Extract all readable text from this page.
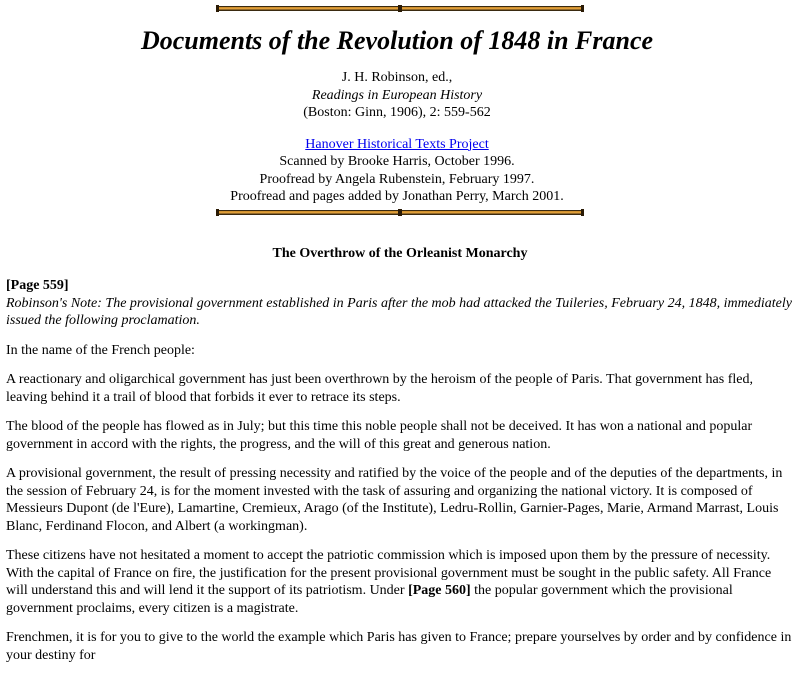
Documents of the Revolution of 1848 in France
J. H. Robinson, ed.,
Readings in European History
(Boston: Ginn, 1906), 2: 559-562
Hanover Historical Texts Project
Scanned by Brooke Harris, October 1996.
Proofread by Angela Rubenstein, February 1997.
Proofread and pages added by Jonathan Perry, March 2001.
The Overthrow of the Orleanist Monarchy
[Page 559]

Robinson's Note: The provisional government established in Paris after the mob had attacked the Tuileries, February 24, 1848, immediately issued the following proclamation.

In the name of the French people:

A reactionary and oligarchical government has just been overthrown by the heroism of the people of Paris. That government has fled, leaving behind it a trail of blood that forbids it ever to retrace its steps.

The blood of the people has flowed as in July; but this time this noble people shall not be deceived. It has won a national and popular government in accord with the rights, the progress, and the will of this great and generous nation.

A provisional government, the result of pressing necessity and ratified by the voice of the people and of the deputies of the departments, in the session of February 24, is for the moment invested with the task of assuring and organizing the national victory. It is composed of Messieurs Dupont (de l'Eure), Lamartine, Cremieux, Arago (of the Institute), Ledru-Rollin, Garnier-Pages, Marie, Armand Marrast, Louis Blanc, Ferdinand Flocon, and Albert (a workingman).

These citizens have not hesitated a moment to accept the patriotic commission which is imposed upon them by the pressure of necessity. With the capital of France on fire, the justification for the present provisional government must be sought in the public safety. All France will understand this and will lend it the support of its patriotism. Under [Page 560] the popular government which the provisional government proclaims, every citizen is a magistrate.

Frenchmen, it is for you to give to the world the example which Paris has given to France; prepare yourselves by order and by confidence in your destiny for
